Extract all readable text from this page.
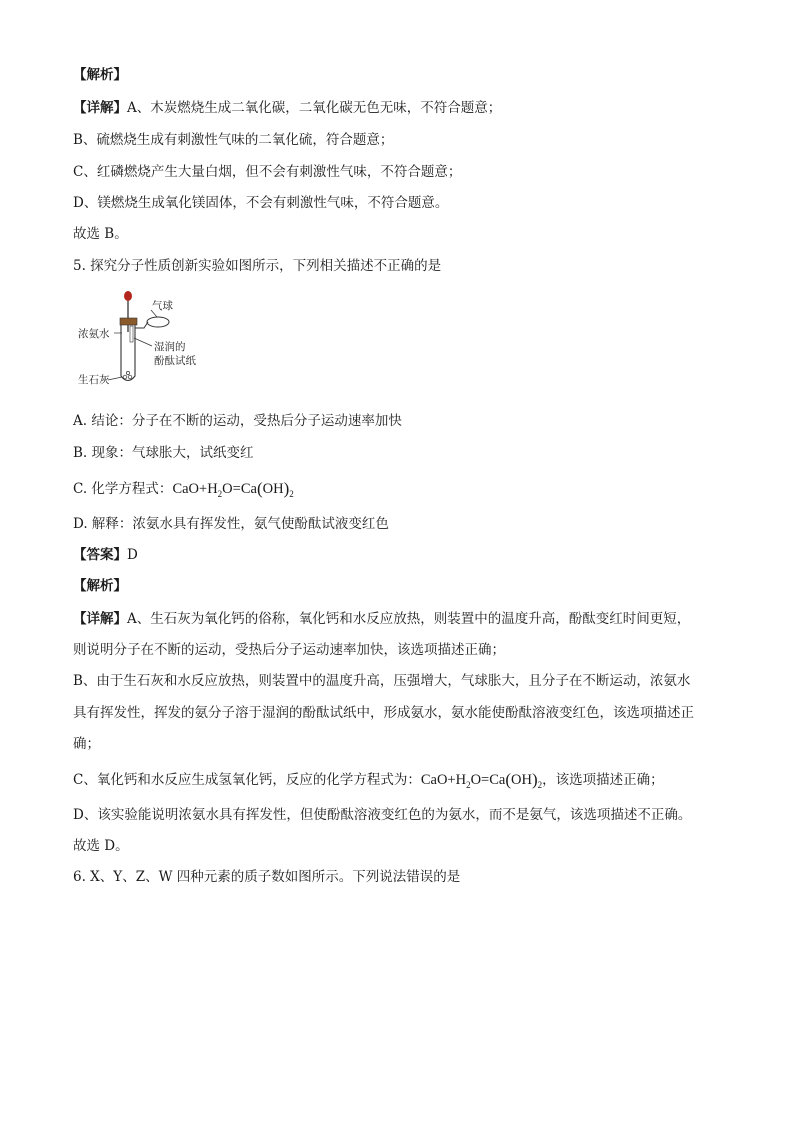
【解析】
【详解】A、木炭燃烧生成二氧化碳，二氧化碳无色无味，不符合题意；
B、硫燃烧生成有刺激性气味的二氧化硫，符合题意；
C、红磷燃烧产生大量白烟，但不会有刺激性气味，不符合题意；
D、镁燃烧生成氧化镁固体，不会有刺激性气味，不符合题意。
故选 B。
5. 探究分子性质创新实验如图所示，下列相关描述不正确的是
浓氨水
气球
湿润的
酚酞试纸
生石灰
A. 结论：分子在不断的运动，受热后分子运动速率加快
B. 现象：气球胀大，试纸变红
C. 化学方程式：$CaO+H_2O=Ca(OH)_2$
D. 解释：浓氨水具有挥发性，氨气使酚酞试液变红色
【答案】D
【解析】
【详解】A、生石灰为氧化钙的俗称，氧化钙和水反应放热，则装置中的温度升高，酚酞变红时间更短，
则说明分子在不断的运动，受热后分子运动速率加快，该选项描述正确；
B、由于生石灰和水反应放热，则装置中的温度升高，压强增大，气球胀大，且分子在不断运动，浓氨水
具有挥发性，挥发的氨分子溶于湿润的酚酞试纸中，形成氨水，氨水能使酚酞溶液变红色，该选项描述正
确；
C、氧化钙和水反应生成氢氧化钙，反应的化学方程式为：$CaO+H_2O=Ca(OH)_2$，该选项描述正确；
D、该实验能说明浓氨水具有挥发性，但使酚酞溶液变红色的为氨水，而不是氨气，该选项描述不正确。
故选 D。
6. X、Y、Z、W 四种元素的质子数如图所示。下列说法错误的是
